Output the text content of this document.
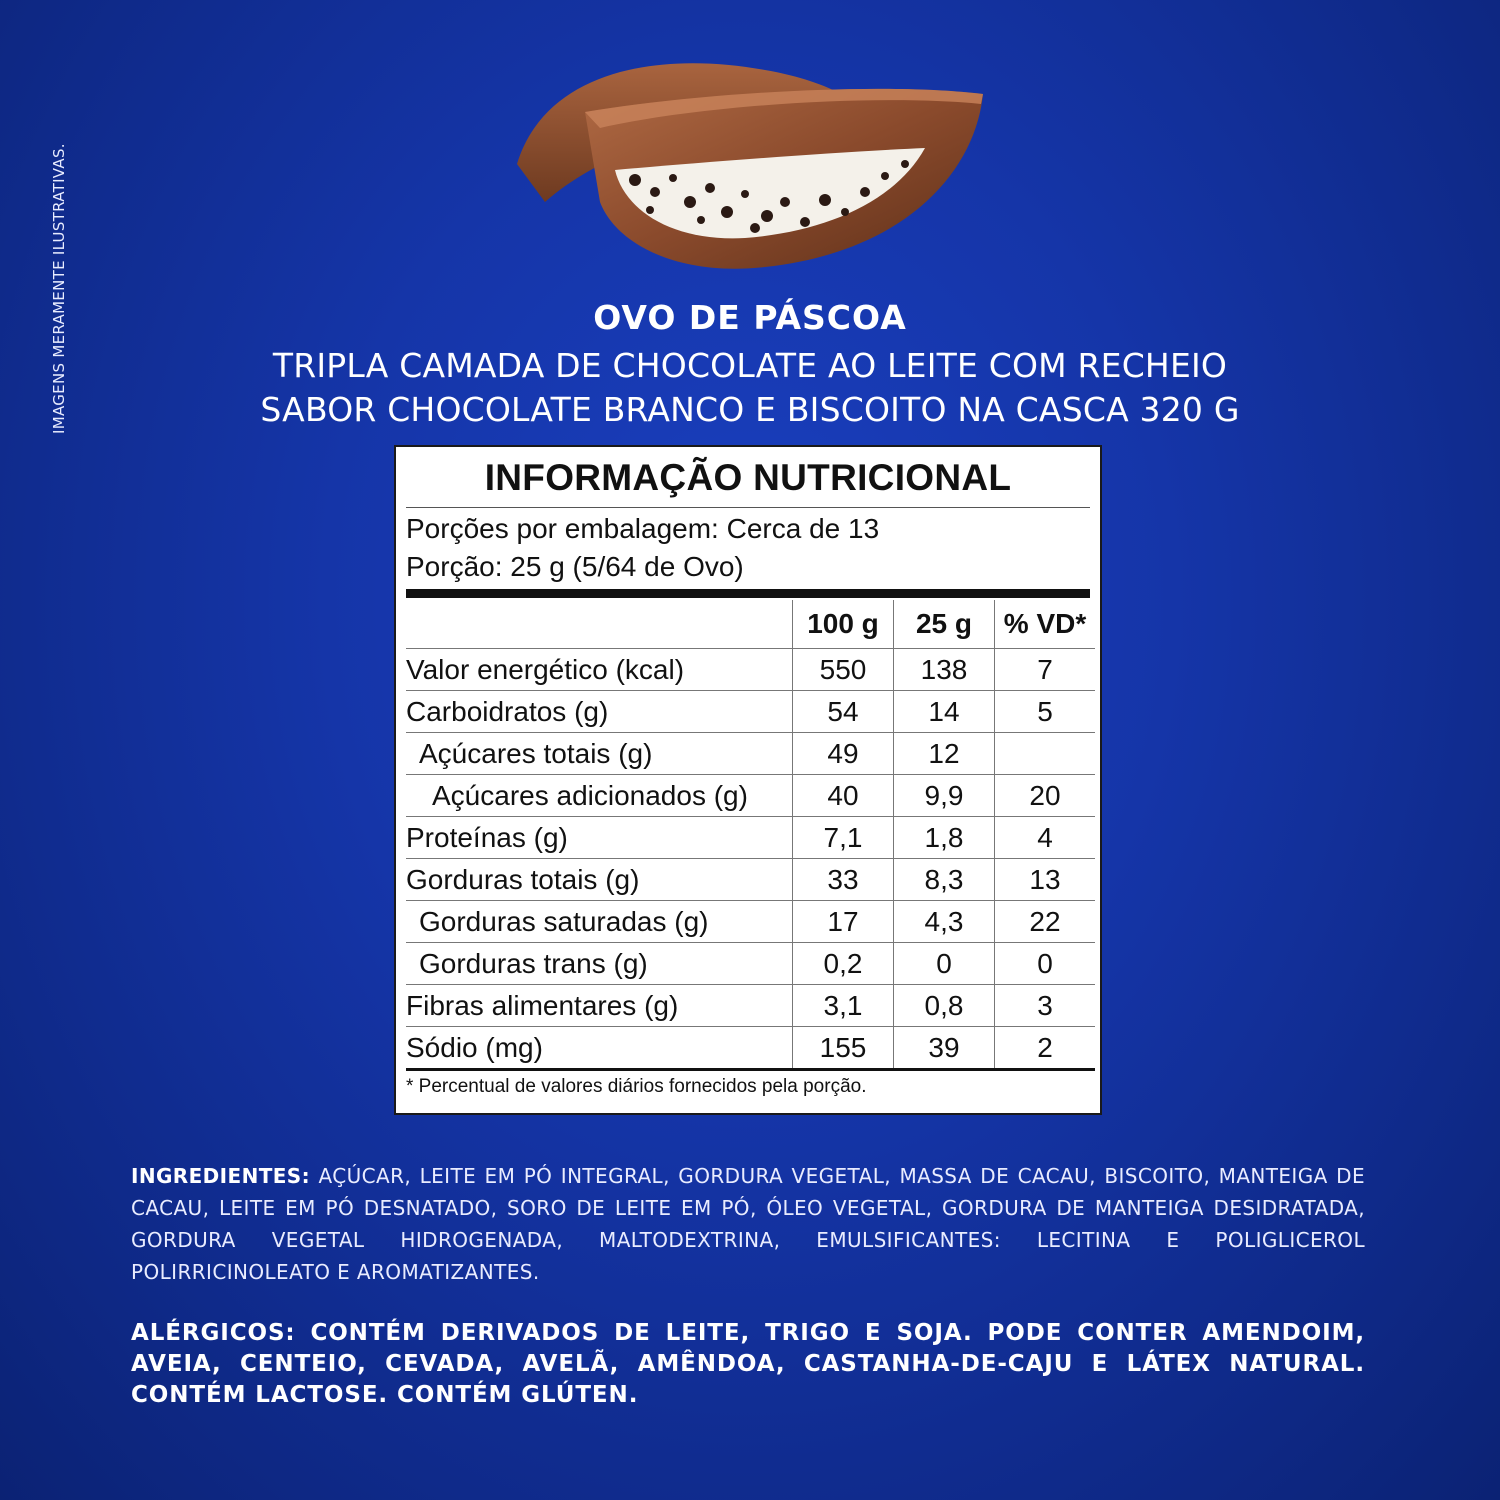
IMAGENS MERAMENTE ILUSTRATIVAS.	OVO DE PÁSCOA
TRIPLA CAMADA DE CHOCOLATE AO LEITE COM RECHEIO
SABOR CHOCOLATE BRANCO E BISCOITO NA CASCA 320 G
INFORMAÇÃO NUTRICIONAL
Porções por embalagem: Cerca de 13
Porção: 25 g (5/64 de Ovo)
	100 g	25 g	% VD*
Valor energético (kcal)	550	138	7
Carboidratos (g)	54	14	5
Açúcares totais (g)	49	12	
Açúcares adicionados (g)	40	9,9	20
Proteínas (g)	7,1	1,8	4
Gorduras totais (g)	33	8,3	13
Gorduras saturadas (g)	17	4,3	22
Gorduras trans (g)	0,2	0	0
Fibras alimentares (g)	3,1	0,8	3
Sódio (mg)	155	39	2
* Percentual de valores diários fornecidos pela porção.
INGREDIENTES: AÇÚCAR, LEITE EM PÓ INTEGRAL, GORDURA VEGETAL, MASSA DE CACAU, BISCOITO, MANTEIGA DE CACAU, LEITE EM PÓ DESNATADO, SORO DE LEITE EM PÓ, ÓLEO VEGETAL, GORDURA DE MANTEIGA DESIDRATADA, GORDURA VEGETAL HIDROGENADA, MALTODEXTRINA, EMULSIFICANTES: LECITINA E POLIGLICEROL POLIRRICINOLEATO E AROMATIZANTES.
ALÉRGICOS: CONTÉM DERIVADOS DE LEITE, TRIGO E SOJA. PODE CONTER AMENDOIM, AVEIA, CENTEIO, CEVADA, AVELÃ, AMÊNDOA, CASTANHA-DE-CAJU E LÁTEX NATURAL. CONTÉM LACTOSE. CONTÉM GLÚTEN.
